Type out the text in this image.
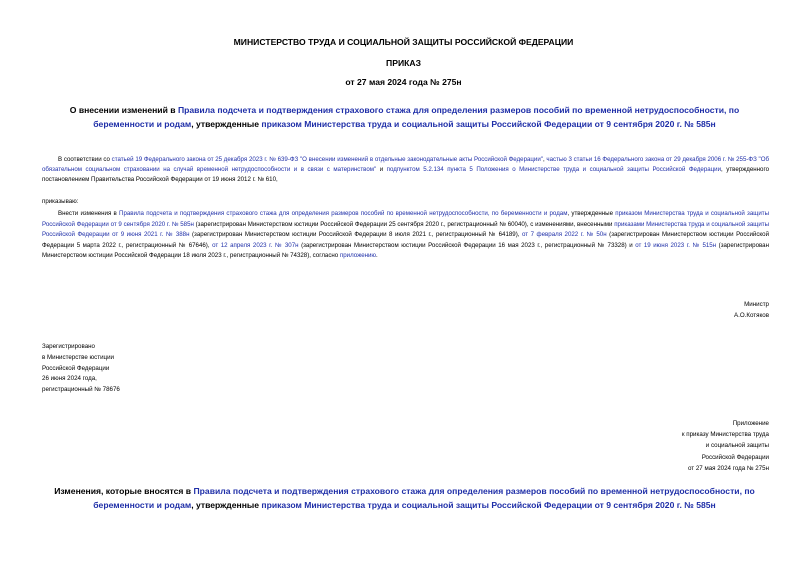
МИНИСТЕРСТВО ТРУДА И СОЦИАЛЬНОЙ ЗАЩИТЫ РОССИЙСКОЙ ФЕДЕРАЦИИ
ПРИКАЗ
от 27 мая 2024 года № 275н
О внесении изменений в Правила подсчета и подтверждения страхового стажа для определения размеров пособий по временной нетрудоспособности, по беременности и родам, утвержденные приказом Министерства труда и социальной защиты Российской Федерации от 9 сентября 2020 г. № 585н
В соответствии со статьей 19 Федерального закона от 25 декабря 2023 г. № 639-ФЗ "О внесении изменений в отдельные законодательные акты Российской Федерации", частью 3 статьи 16 Федерального закона от 29 декабря 2006 г. № 255-ФЗ "Об обязательном социальном страховании на случай временной нетрудоспособности и в связи с материнством" и подпунктом 5.2.134 пункта 5 Положения о Министерстве труда и социальной защиты Российской Федерации, утвержденного постановлением Правительства Российской Федерации от 19 июня 2012 г. № 610,
приказываю:
Внести изменения в Правила подсчета и подтверждения страхового стажа для определения размеров пособий по временной нетрудоспособности, по беременности и родам, утвержденные приказом Министерства труда и социальной защиты Российской Федерации от 9 сентября 2020 г. № 585н (зарегистрирован Министерством юстиции Российской Федерации 25 сентября 2020 г., регистрационный № 60040), с изменениями, внесенными приказами Министерства труда и социальной защиты Российской Федерации от 9 июня 2021 г. № 388н (зарегистрирован Министерством юстиции Российской Федерации 8 июля 2021 г., регистрационный № 64189), от 7 февраля 2022 г. № 50н (зарегистрирован Министерством юстиции Российской Федерации 5 марта 2022 г., регистрационный № 67646), от 12 апреля 2023 г. № 307н (зарегистрирован Министерством юстиции Российской Федерации 16 мая 2023 г., регистрационный № 73328) и от 19 июня 2023 г. № 515н (зарегистрирован Министерством юстиции Российской Федерации 18 июля 2023 г., регистрационный № 74328), согласно приложению.
Министр
А.О.Котяков
Зарегистрировано
в Министерстве юстиции
Российской Федерации
26 июня 2024 года,
регистрационный № 78676
Приложение
к приказу Министерства труда
и социальной защиты
Российской Федерации
от 27 мая 2024 года № 275н
Изменения, которые вносятся в Правила подсчета и подтверждения страхового стажа для определения размеров пособий по временной нетрудоспособности, по беременности и родам, утвержденные приказом Министерства труда и социальной защиты Российской Федерации от 9 сентября 2020 г. № 585н
